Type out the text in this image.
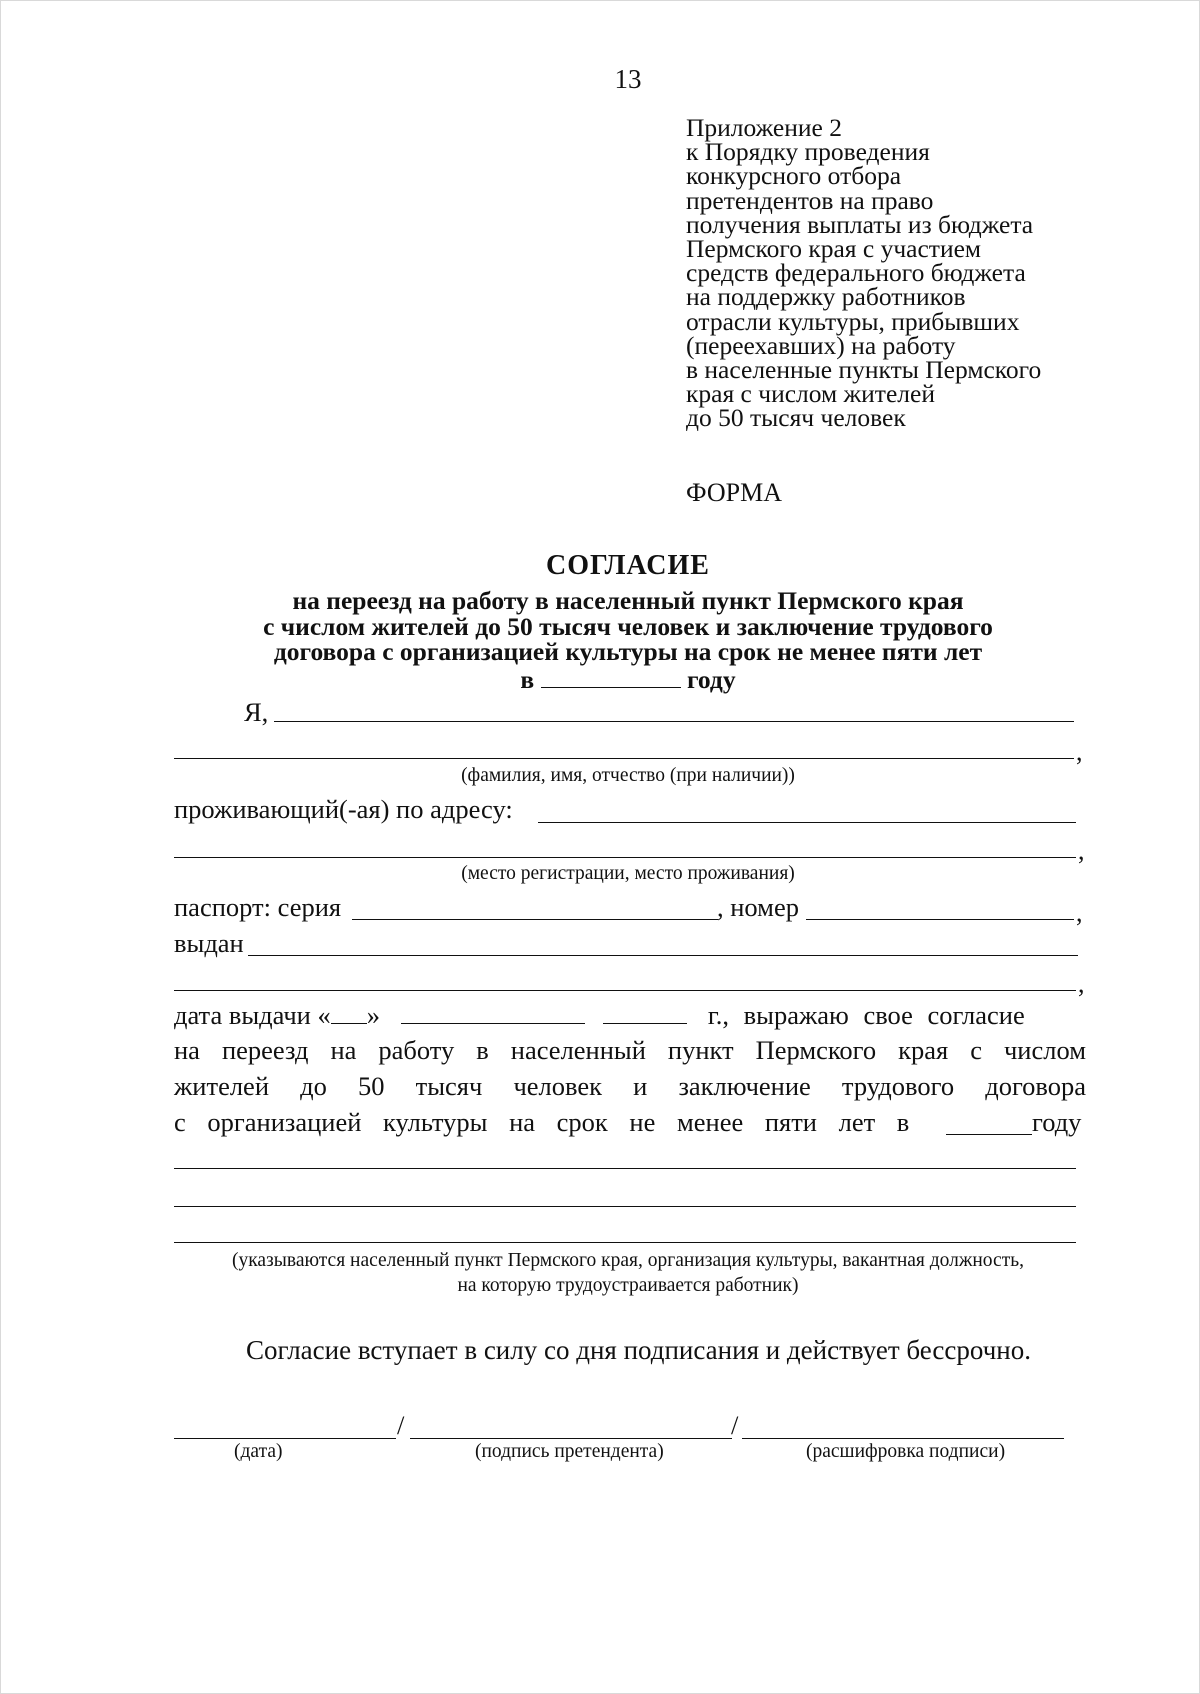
13
Приложение 2
к Порядку проведения
конкурсного отбора
претендентов на право
получения выплаты из бюджета
Пермского края с участием
средств федерального бюджета
на поддержку работников
отрасли культуры, прибывших
(переехавших) на работу
в населенные пункты Пермского
края с числом жителей
до 50 тысяч человек
ФОРМА
СОГЛАСИЕ
на переезд на работу в населенный пункт Пермского края
с числом жителей до 50 тысяч человек и заключение трудового
договора с организацией культуры на срок не менее пяти лет
в	году
Я,
,
(фамилия, имя, отчество (при наличии))
проживающий(-ая) по адресу:
,
(место регистрации, место проживания)
паспорт: серия	, номер	,
выдан
,
дата выдачи « »	г., выражаю свое согласие
на переезд на работу в населенный пункт Пермского края с числом
жителей до 50 тысяч человек и заключение трудового договора
с организацией культуры на срок не менее пяти лет в	году
(указываются населенный пункт Пермского края, организация культуры, вакантная должность,
на которую трудоустраивается работник)
Согласие вступает в силу со дня подписания и действует бессрочно.
/	/
(дата)	(подпись претендента)	(расшифровка подписи)
